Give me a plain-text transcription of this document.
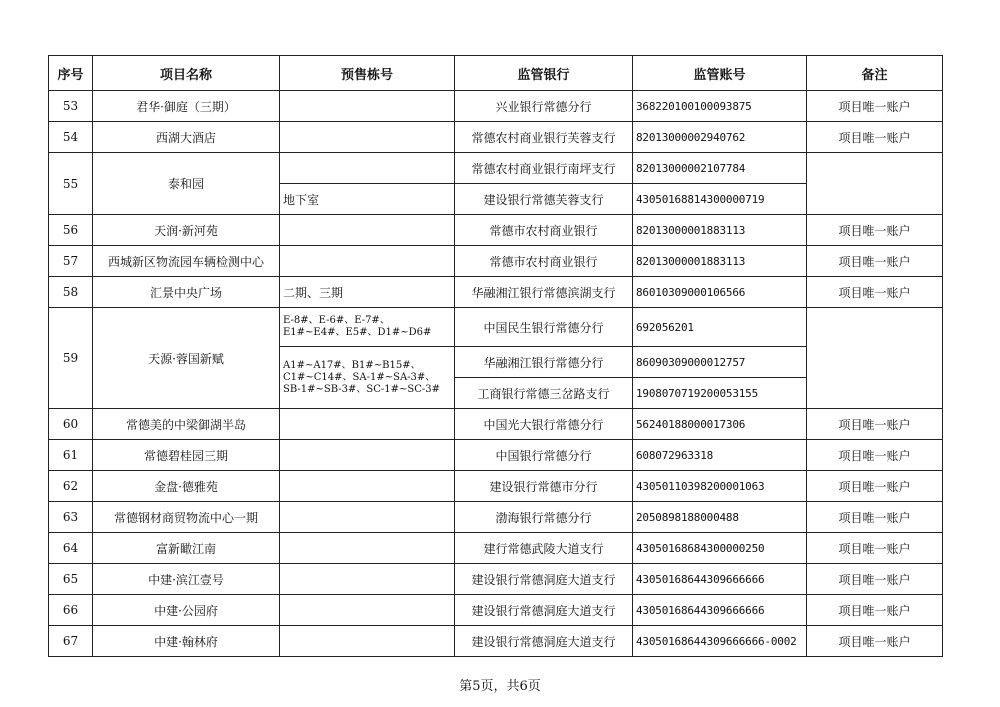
序号	项目名称	预售栋号	监管银行	监管账号	备注
53	君华·御庭（三期）		兴业银行常德分行	368220100100093875	项目唯一账户
54	西湖大酒店		常德农村商业银行芙蓉支行	82013000002940762	项目唯一账户
55	泰和园		常德农村商业银行南坪支行	82013000002107784	
		地下室	建设银行常德芙蓉支行	43050168814300000719	
56	天润·新河苑		常德市农村商业银行	82013000001883113	项目唯一账户
57	西城新区物流园车辆检测中心		常德市农村商业银行	82013000001883113	项目唯一账户
58	汇景中央广场	二期、三期	华融湘江银行常德滨湖支行	86010309000106566	项目唯一账户
59	天源·蓉国新赋	E-8#、E-6#、E-7#、E1#~E4#、E5#、D1#~D6#	中国民生银行常德分行	692056201	
		A1#~A17#、B1#~B15#、C1#~C14#、SA-1#~SA-3#、SB-1#~SB-3#、SC-1#~SC-3#	华融湘江银行常德分行	86090309000012757	
			工商银行常德三岔路支行	1908070719200053155	
60	常德美的中梁御湖半岛		中国光大银行常德分行	56240188000017306	项目唯一账户
61	常德碧桂园三期		中国银行常德分行	608072963318	项目唯一账户
62	金盘·德雅苑		建设银行常德市分行	43050110398200001063	项目唯一账户
63	常德钢材商贸物流中心一期		渤海银行常德分行	2050898188000488	项目唯一账户
64	富新瞰江南		建行常德武陵大道支行	43050168684300000250	项目唯一账户
65	中建·滨江壹号		建设银行常德洞庭大道支行	43050168644309666666	项目唯一账户
66	中建·公园府		建设银行常德洞庭大道支行	43050168644309666666	项目唯一账户
67	中建·翰林府		建设银行常德洞庭大道支行	43050168644309666666-0002	项目唯一账户
第5页，共6页
